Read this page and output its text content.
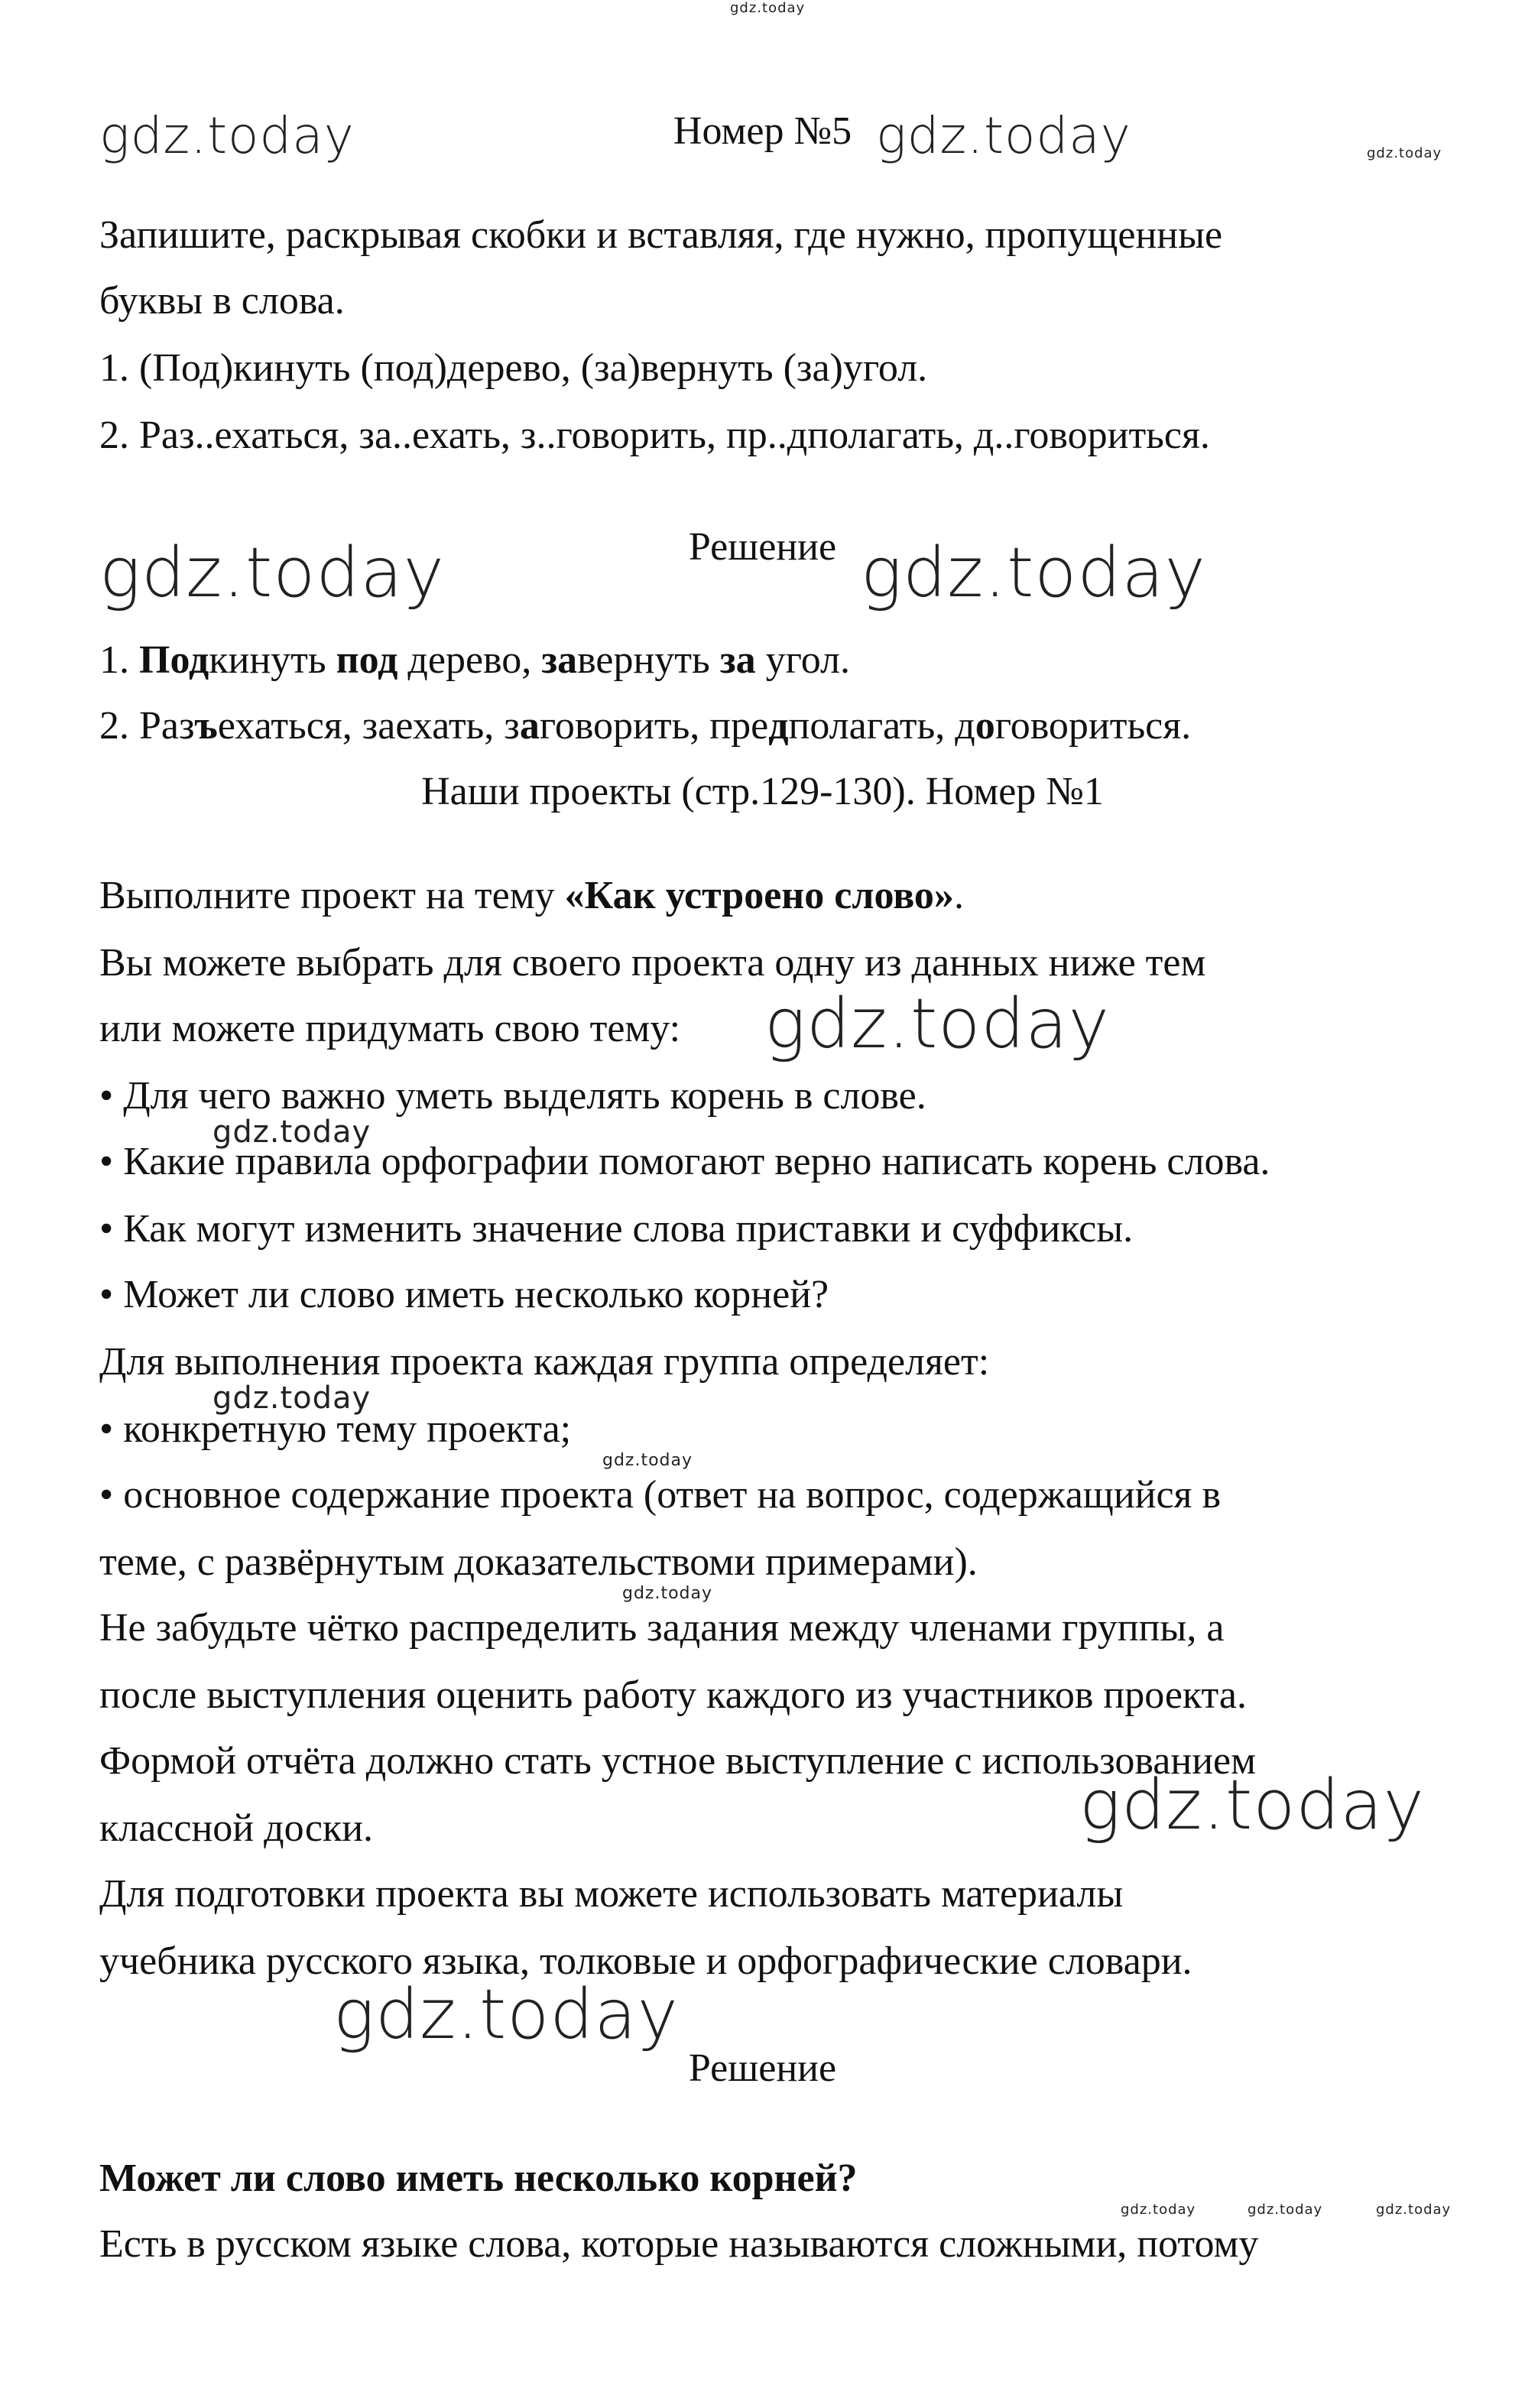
gdz.today
gdz.today	gdz.today	gdz.today
Номер №5
Запишите, раскрывая скобки и вставляя, где нужно, пропущенные
буквы в слова.
1. (Под)кинуть (под)дерево, (за)вернуть (за)угол.
2. Раз..ехаться, за..ехать, з..говорить, пр..дполагать, д..говориться.
gdz.today	Решение gdz.today
1. Подкинуть под дерево, завернуть за угол.
2. Разъехаться, заехать, заговорить, предполагать, договориться.
Наши проекты (стр.129-130). Номер №1
Выполните проект на тему «Как устроено слово».
Вы можете выбрать для своего проекта одну из данных ниже тем
или можете придумать свою тему: gdz.today
• Для чего важно уметь выделять корень в слове.
gdz.today
• Какие правила орфографии помогают верно написать корень слова.
• Как могут изменить значение слова приставки и суффиксы.
• Может ли слово иметь несколько корней?
Для выполнения проекта каждая группа определяет:
gdz.today
• конкретную тему проекта;
gdz.today
• основное содержание проекта (ответ на вопрос, содержащийся в
теме, с развёрнутым доказательствоми примерами).
gdz.today
Не забудьте чётко распределить задания между членами группы, а
после выступления оценить работу каждого из участников проекта.
Формой отчёта должно стать устное выступление с использованием
классной доски.	gdz.today
Для подготовки проекта вы можете использовать материалы
учебника русского языка, толковые и орфографические словари.
gdz.today
Решение
Может ли слово иметь несколько корней?
gdz.today	gdz.today	gdz.today
Есть в русском языке слова, которые называются сложными, потому
